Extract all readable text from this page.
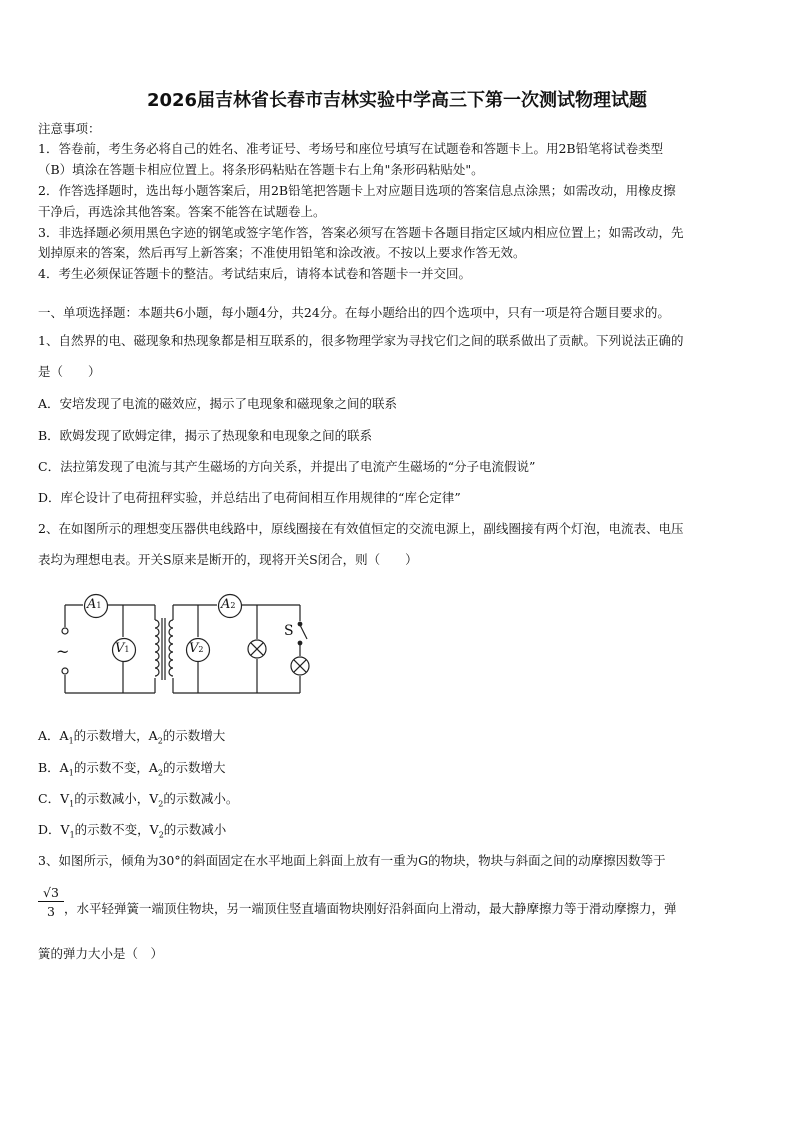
2026届吉林省长春市吉林实验中学高三下第一次测试物理试题
注意事项：
1．答卷前，考生务必将自己的姓名、准考证号、考场号和座位号填写在试题卷和答题卡上。用2B铅笔将试卷类型
（B）填涂在答题卡相应位置上。将条形码粘贴在答题卡右上角"条形码粘贴处"。
2．作答选择题时，选出每小题答案后，用2B铅笔把答题卡上对应题目选项的答案信息点涂黑；如需改动，用橡皮擦
干净后，再选涂其他答案。答案不能答在试题卷上。
3．非选择题必须用黑色字迹的钢笔或签字笔作答，答案必须写在答题卡各题目指定区域内相应位置上；如需改动，先
划掉原来的答案，然后再写上新答案；不准使用铅笔和涂改液。不按以上要求作答无效。
4．考生必须保证答题卡的整洁。考试结束后，请将本试卷和答题卡一并交回。
一、单项选择题：本题共6小题，每小题4分，共24分。在每小题给出的四个选项中，只有一项是符合题目要求的。
1、自然界的电、磁现象和热现象都是相互联系的，很多物理学家为寻找它们之间的联系做出了贡献。下列说法正确的
是（　　）
A．安培发现了电流的磁效应，揭示了电现象和磁现象之间的联系
B．欧姆发现了欧姆定律，揭示了热现象和电现象之间的联系
C．法拉第发现了电流与其产生磁场的方向关系，并提出了电流产生磁场的“分子电流假说”
D．库仑设计了电荷扭秤实验，并总结出了电荷间相互作用规律的“库仑定律”
2、在如图所示的理想变压器供电线路中，原线圈接在有效值恒定的交流电源上，副线圈接有两个灯泡，电流表、电压
表均为理想电表。开关S原来是断开的，现将开关S闭合，则（　　）
A1
V1
A2
V2
S
~
A．$A_1$的示数增大，$A_2$的示数增大
B．$A_1$的示数不变，$A_2$的示数增大
C．$V_1$的示数减小，$V_2$的示数减小。
D．$V_1$的示数不变，$V_2$的示数减小
3、如图所示，倾角为30°的斜面固定在水平地面上斜面上放有一重为G的物块，物块与斜面之间的动摩擦因数等于
$\frac{√3}{3}$ ，水平轻弹簧一端顶住物块，另一端顶住竖直墙面物块刚好沿斜面向上滑动，最大静摩擦力等于滑动摩擦力，弹
簧的弹力大小是（　）
